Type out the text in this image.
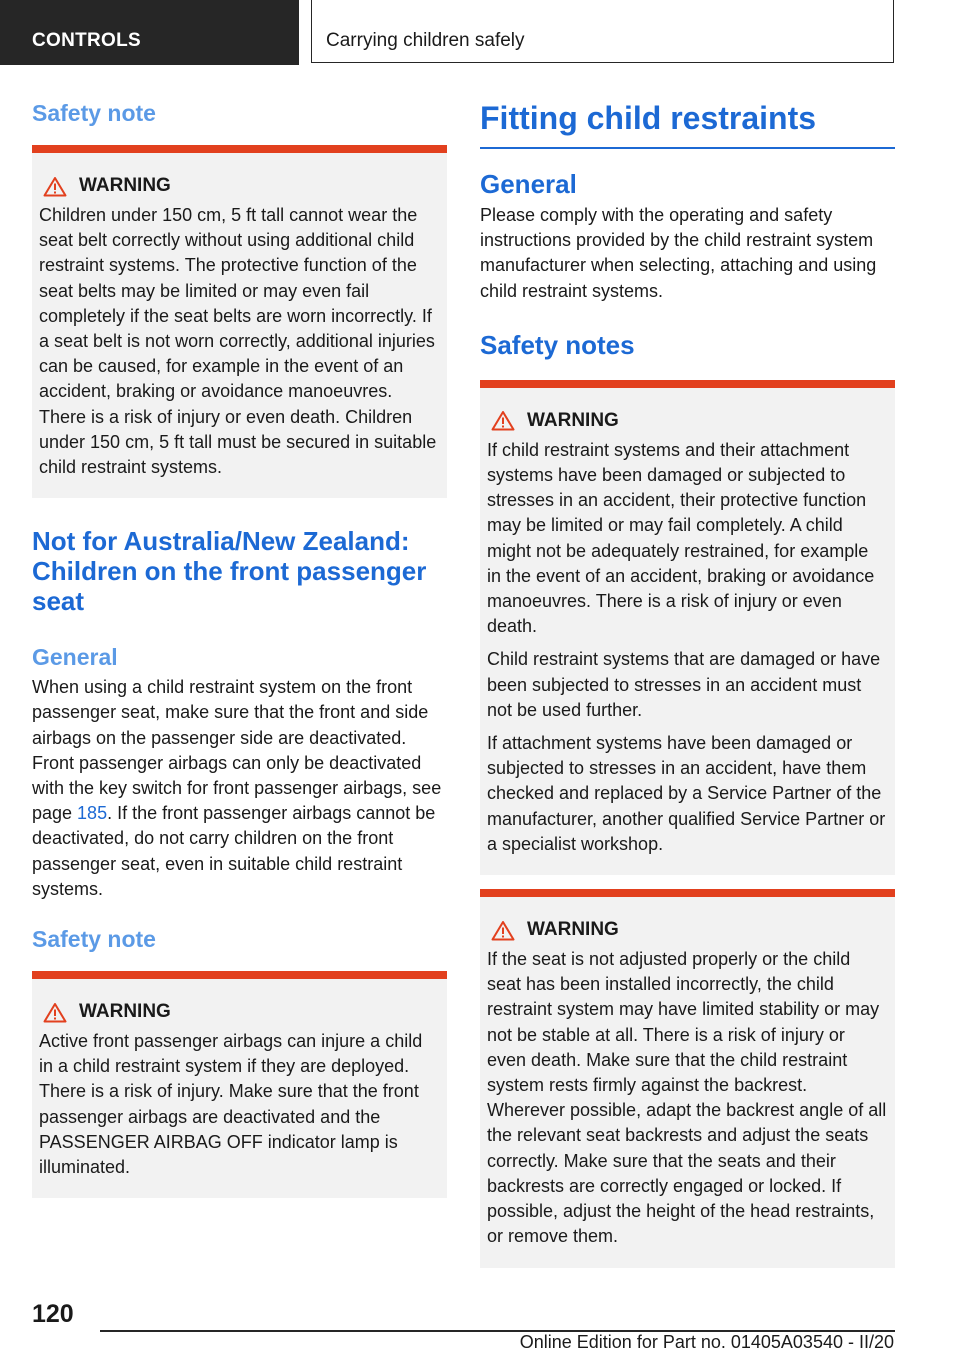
CONTROLS	Carrying children safely
Safety note
WARNING

Children under 150 cm, 5 ft tall cannot wear the seat belt correctly without using additional child restraint systems. The protective function of the seat belts may be limited or may even fail completely if the seat belts are worn incorrectly. If a seat belt is not worn correctly, additional injuries can be caused, for example in the event of an accident, braking or avoidance manoeuvres. There is a risk of injury or even death. Children under 150 cm, 5 ft tall must be secured in suitable child restraint systems.

Not for Australia/New Zealand: Children on the front passenger seat
General

When using a child restraint system on the front passenger seat, make sure that the front and side airbags on the passenger side are deactivated. Front passenger airbags can only be deactivated with the key switch for front passenger airbags, see page 185. If the front passenger airbags cannot be deactivated, do not carry children on the front passenger seat, even in suitable child restraint systems.

Safety note
WARNING

Active front passenger airbags can injure a child in a child restraint system if they are deployed. There is a risk of injury. Make sure that the front passenger airbags are deactivated and the PASSENGER AIRBAG OFF indicator lamp is illuminated.

Fitting child restraints
General

Please comply with the operating and safety instructions provided by the child restraint system manufacturer when selecting, attaching and using child restraint systems.

Safety notes
WARNING

If child restraint systems and their attachment systems have been damaged or subjected to stresses in an accident, their protective function may be limited or may fail completely. A child might not be adequately restrained, for example in the event of an accident, braking or avoidance manoeuvres. There is a risk of injury or even death.

Child restraint systems that are damaged or have been subjected to stresses in an accident must not be used further.

If attachment systems have been damaged or subjected to stresses in an accident, have them checked and replaced by a Service Partner of the manufacturer, another qualified Service Partner or a specialist workshop.

WARNING

If the seat is not adjusted properly or the child seat has been installed incorrectly, the child restraint system may have limited stability or may not be stable at all. There is a risk of injury or even death. Make sure that the child restraint system rests firmly against the backrest. Wherever possible, adapt the backrest angle of all the relevant seat backrests and adjust the seats correctly. Make sure that the seats and their backrests are correctly engaged or locked. If possible, adjust the height of the head restraints, or remove them.

120
Online Edition for Part no. 01405A03540 - II/20
